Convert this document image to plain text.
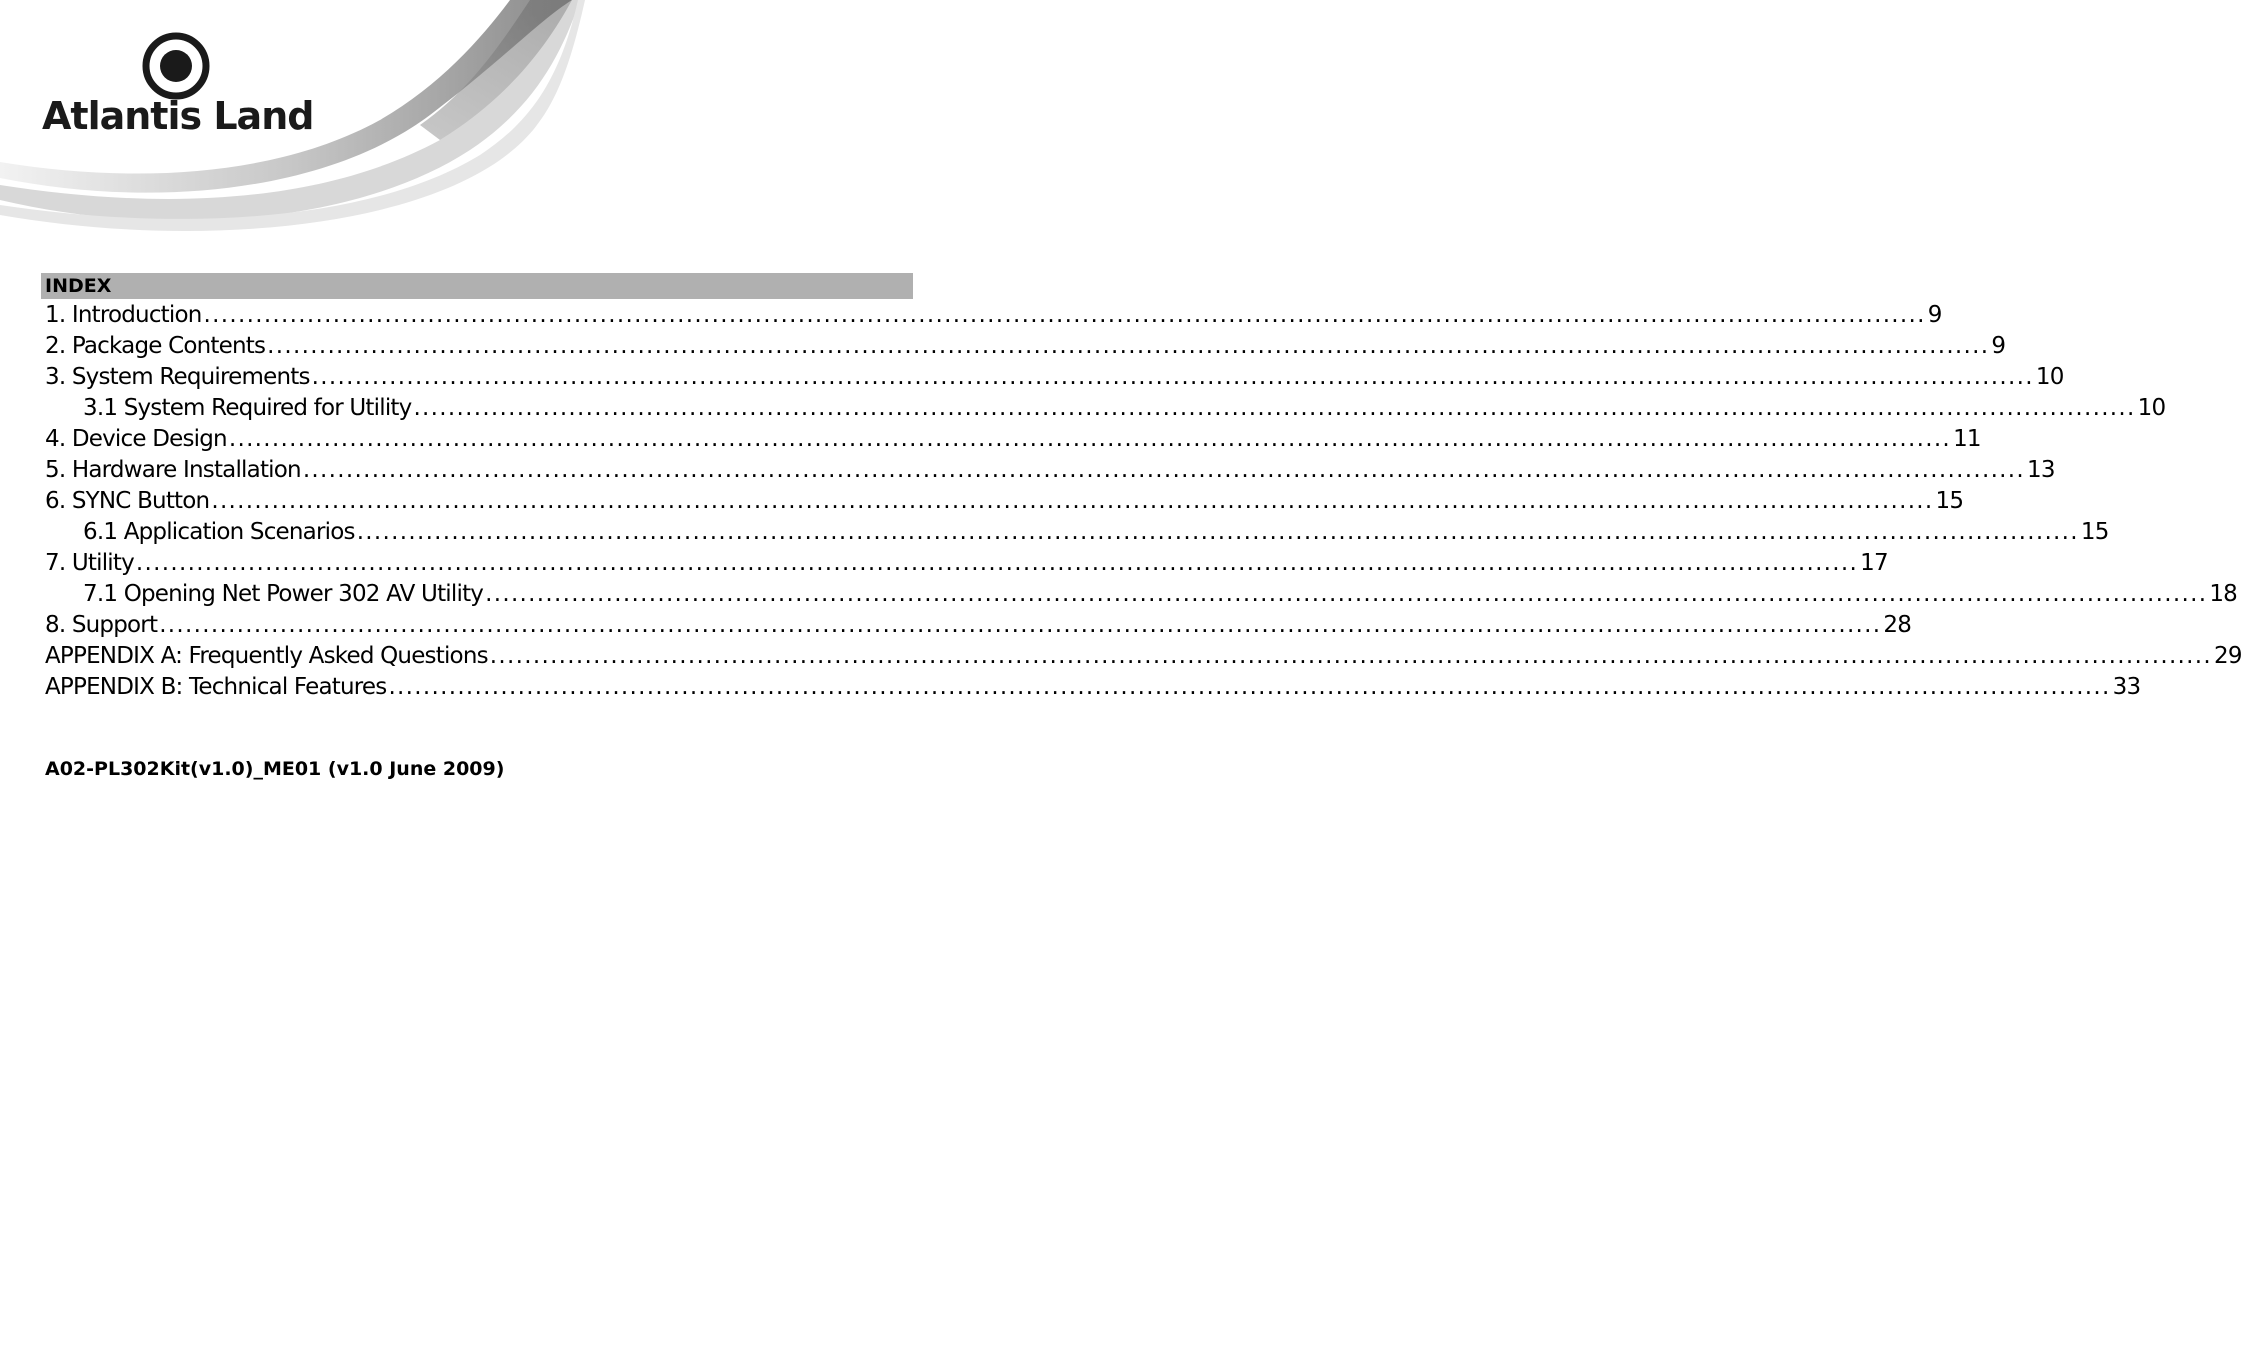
Atlantis Land
INDEX
1. Introduction ........................................................................................................................................................................................................ 9
2. Package Contents ........................................................................................................................................................................................................ 9
3. System Requirements ........................................................................................................................................................................................................ 10
3.1 System Required for Utility ........................................................................................................................................................................................................ 10
4. Device Design ........................................................................................................................................................................................................ 11
5. Hardware Installation ........................................................................................................................................................................................................ 13
6. SYNC Button ........................................................................................................................................................................................................ 15
6.1 Application Scenarios ........................................................................................................................................................................................................ 15
7. Utility ........................................................................................................................................................................................................ 17
7.1 Opening Net Power 302 AV Utility ........................................................................................................................................................................................................ 18
8. Support ........................................................................................................................................................................................................ 28
APPENDIX A: Frequently Asked Questions ........................................................................................................................................................................................................ 29
APPENDIX B: Technical Features ........................................................................................................................................................................................................ 33
A02-PL302Kit(v1.0)_ME01 (v1.0 June 2009)
